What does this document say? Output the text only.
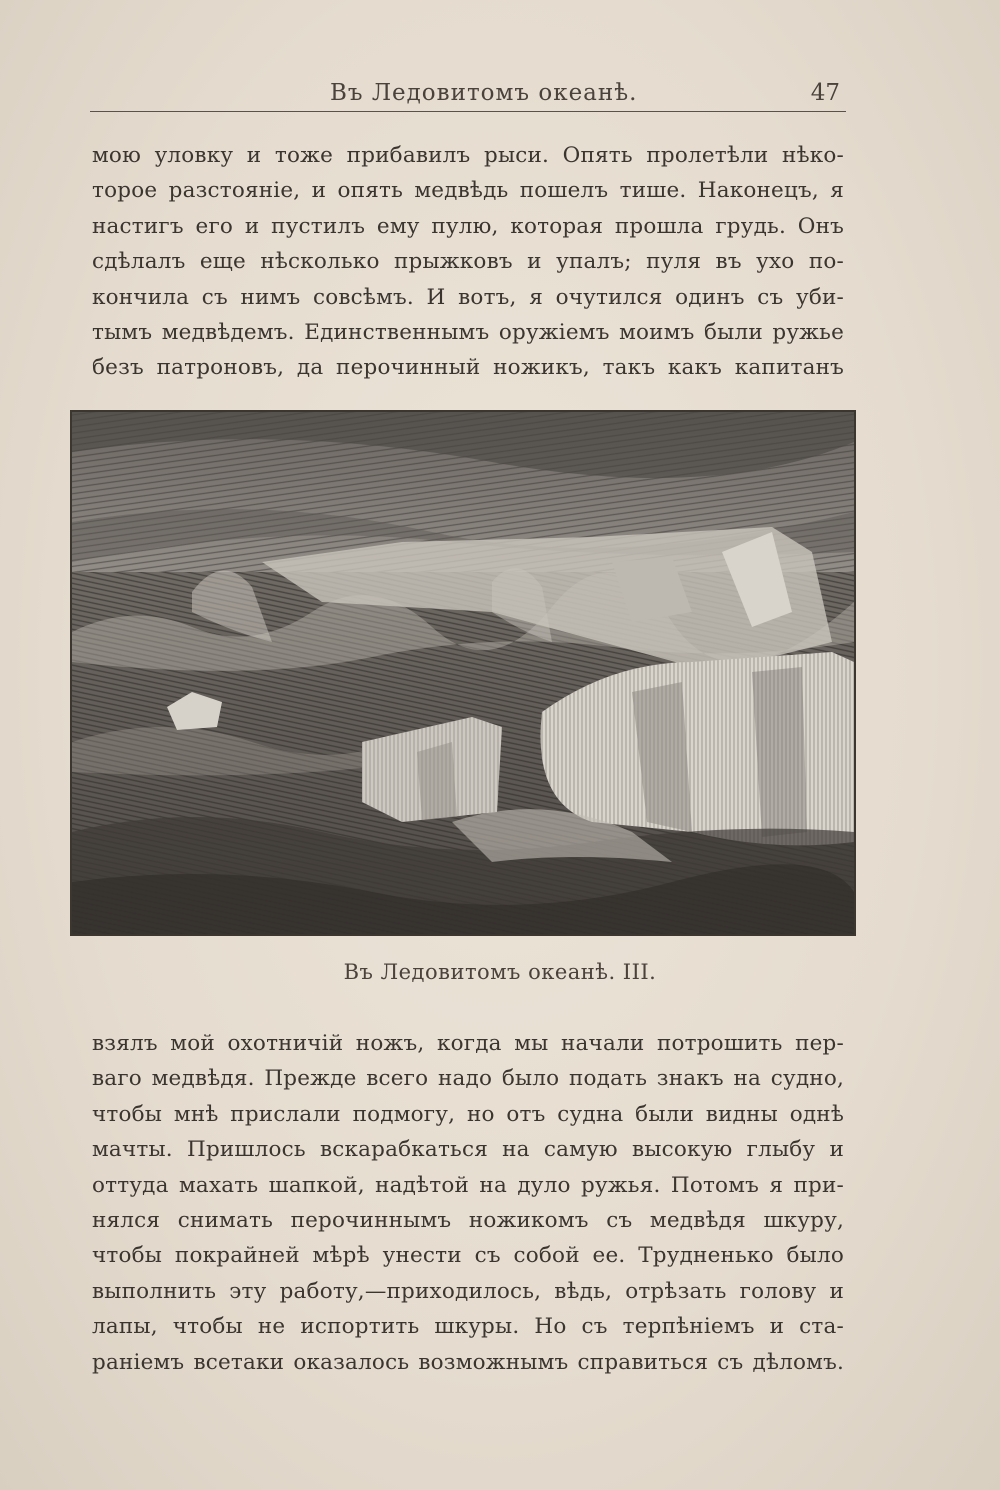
Въ Ледовитомъ океанѣ.	47
мою уловку и тоже прибавилъ рыси. Опять пролетѣли нѣко-
торое разстояніе, и опять медвѣдь пошелъ тише. Наконецъ, я
настигъ его и пустилъ ему пулю, которая прошла грудь. Онъ
сдѣлалъ еще нѣсколько прыжковъ и упалъ; пуля въ ухо по-
кончила съ нимъ совсѣмъ. И вотъ, я очутился одинъ съ уби-
тымъ медвѣдемъ. Единственнымъ оружіемъ моимъ были ружье
безъ патроновъ, да перочинный ножикъ, такъ какъ капитанъ
Въ Ледовитомъ океанѣ. III.
взялъ мой охотничій ножъ, когда мы начали потрошить пер-
ваго медвѣдя. Прежде всего надо было подать знакъ на судно,
чтобы мнѣ прислали подмогу, но отъ судна были видны однѣ
мачты. Пришлось вскарабкаться на самую высокую глыбу и
оттуда махать шапкой, надѣтой на дуло ружья. Потомъ я при-
нялся снимать перочиннымъ ножикомъ съ медвѣдя шкуру,
чтобы покрайней мѣрѣ унести съ собой ее. Трудненько было
выполнить эту работу,—приходилось, вѣдь, отрѣзать голову и
лапы, чтобы не испортить шкуры. Но съ терпѣніемъ и ста-
раніемъ всетаки оказалось возможнымъ справиться съ дѣломъ.
